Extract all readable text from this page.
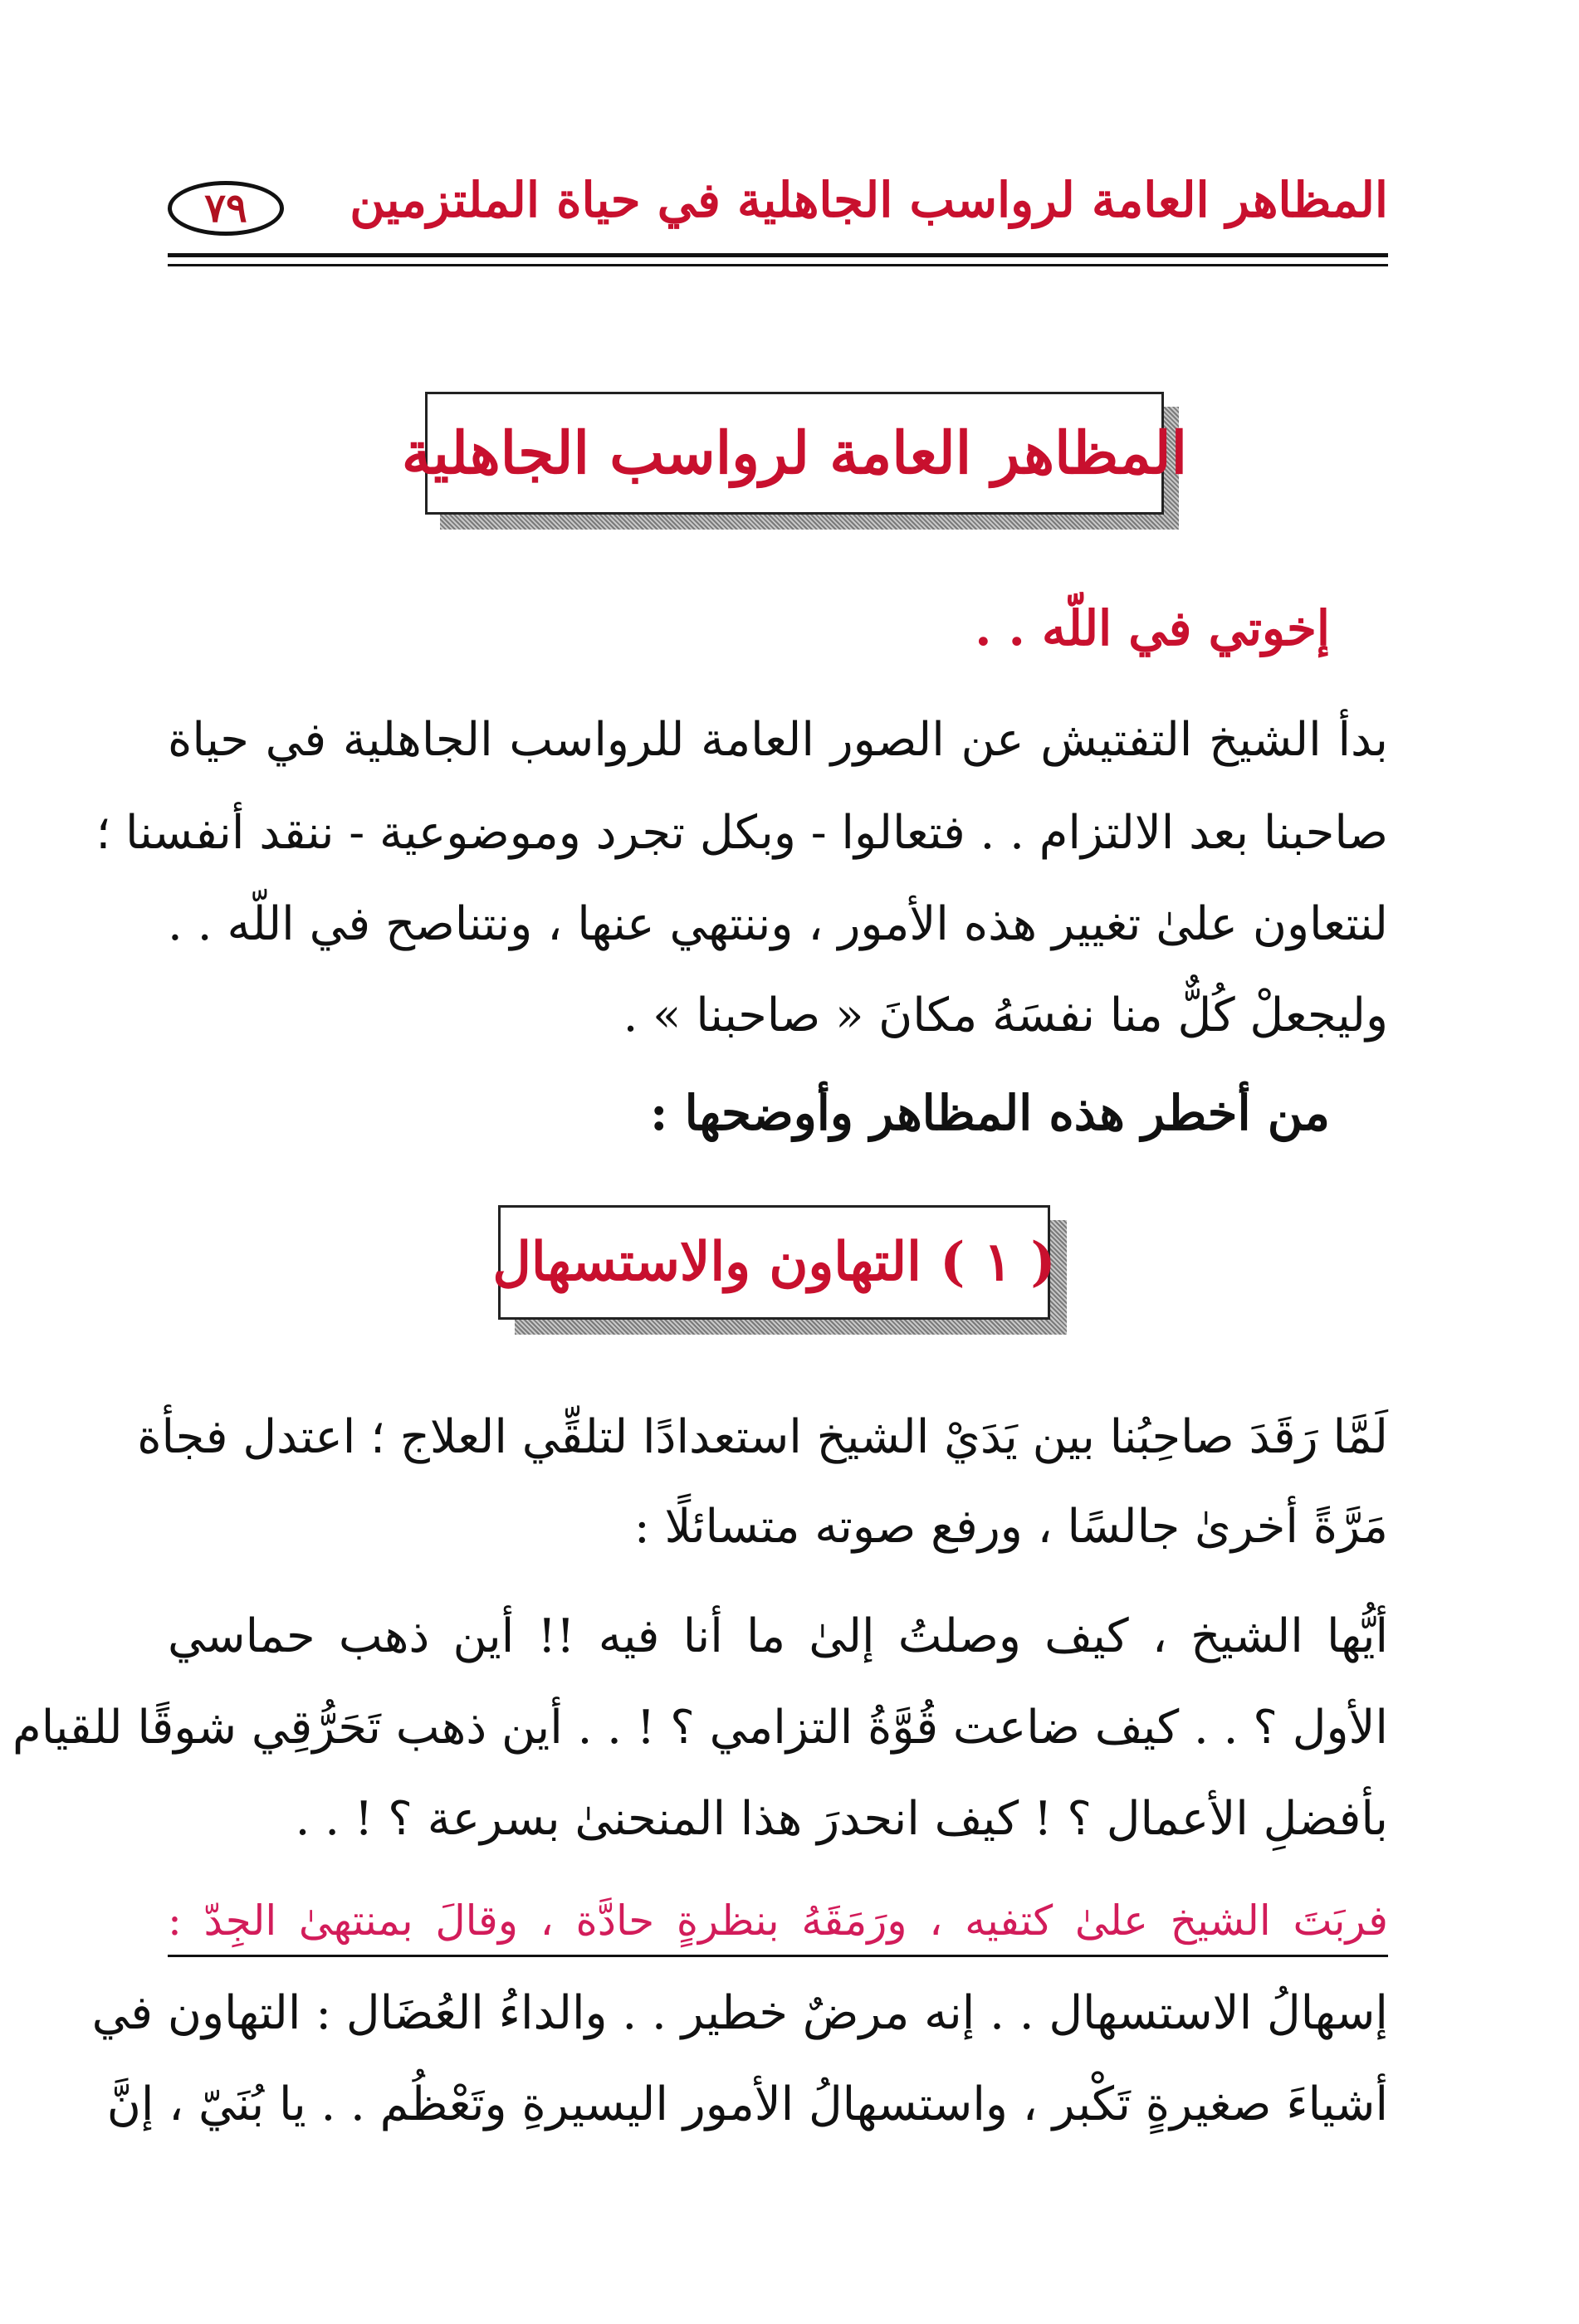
المظاهر العامة لرواسب الجاهلية في حياة الملتزمين
٧٩
المظاهر العامة لرواسب الجاهلية
إخوتي في اللّه . .
بدأ الشيخ التفتيش عن الصور العامة للرواسب الجاهلية في حياة
صاحبنا بعد الالتزام . . فتعالوا - وبكل تجرد وموضوعية - ننقد أنفسنا ؛
لنتعاون علىٰ تغيير هذه الأمور ، وننتهي عنها ، ونتناصح في اللّه . .
وليجعلْ كُلٌّ منا نفسَهُ مكانَ « صاحبنا » .
من أخطر هذه المظاهر وأوضحها :
( ١ ) التهاون والاستسهال
لَمَّا رَقَدَ صاحِبُنا بين يَدَيْ الشيخ استعدادًا لتلقِّي العلاج ؛ اعتدل فجأة
مَرَّةً أخرىٰ جالسًا ، ورفع صوته متسائلًا :
أيُّها الشيخ ، كيف وصلتُ إلىٰ ما أنا فيه !! أين ذهب حماسي
الأول ؟ . . كيف ضاعت قُوَّةُ التزامي ؟ ! . . أين ذهب تَحَرُّقِي شوقًا للقيام
بأفضلِ الأعمال ؟ ! كيف انحدرَ هذا المنحنىٰ بسرعة ؟ ! . .
فربَتَ الشيخ علىٰ كتفيه ، ورَمَقَهُ بنظرةٍ حادَّة ، وقالَ بمنتهىٰ الجِدّ :
إسهالُ الاستسهال . . إنه مرضٌ خطير . . والداءُ العُضَال : التهاون في
أشياءَ صغيرةٍ تَكْبر ، واستسهالُ الأمور اليسيرةِ وتَعْظُم . . يا بُنَيّ ، إنَّ
